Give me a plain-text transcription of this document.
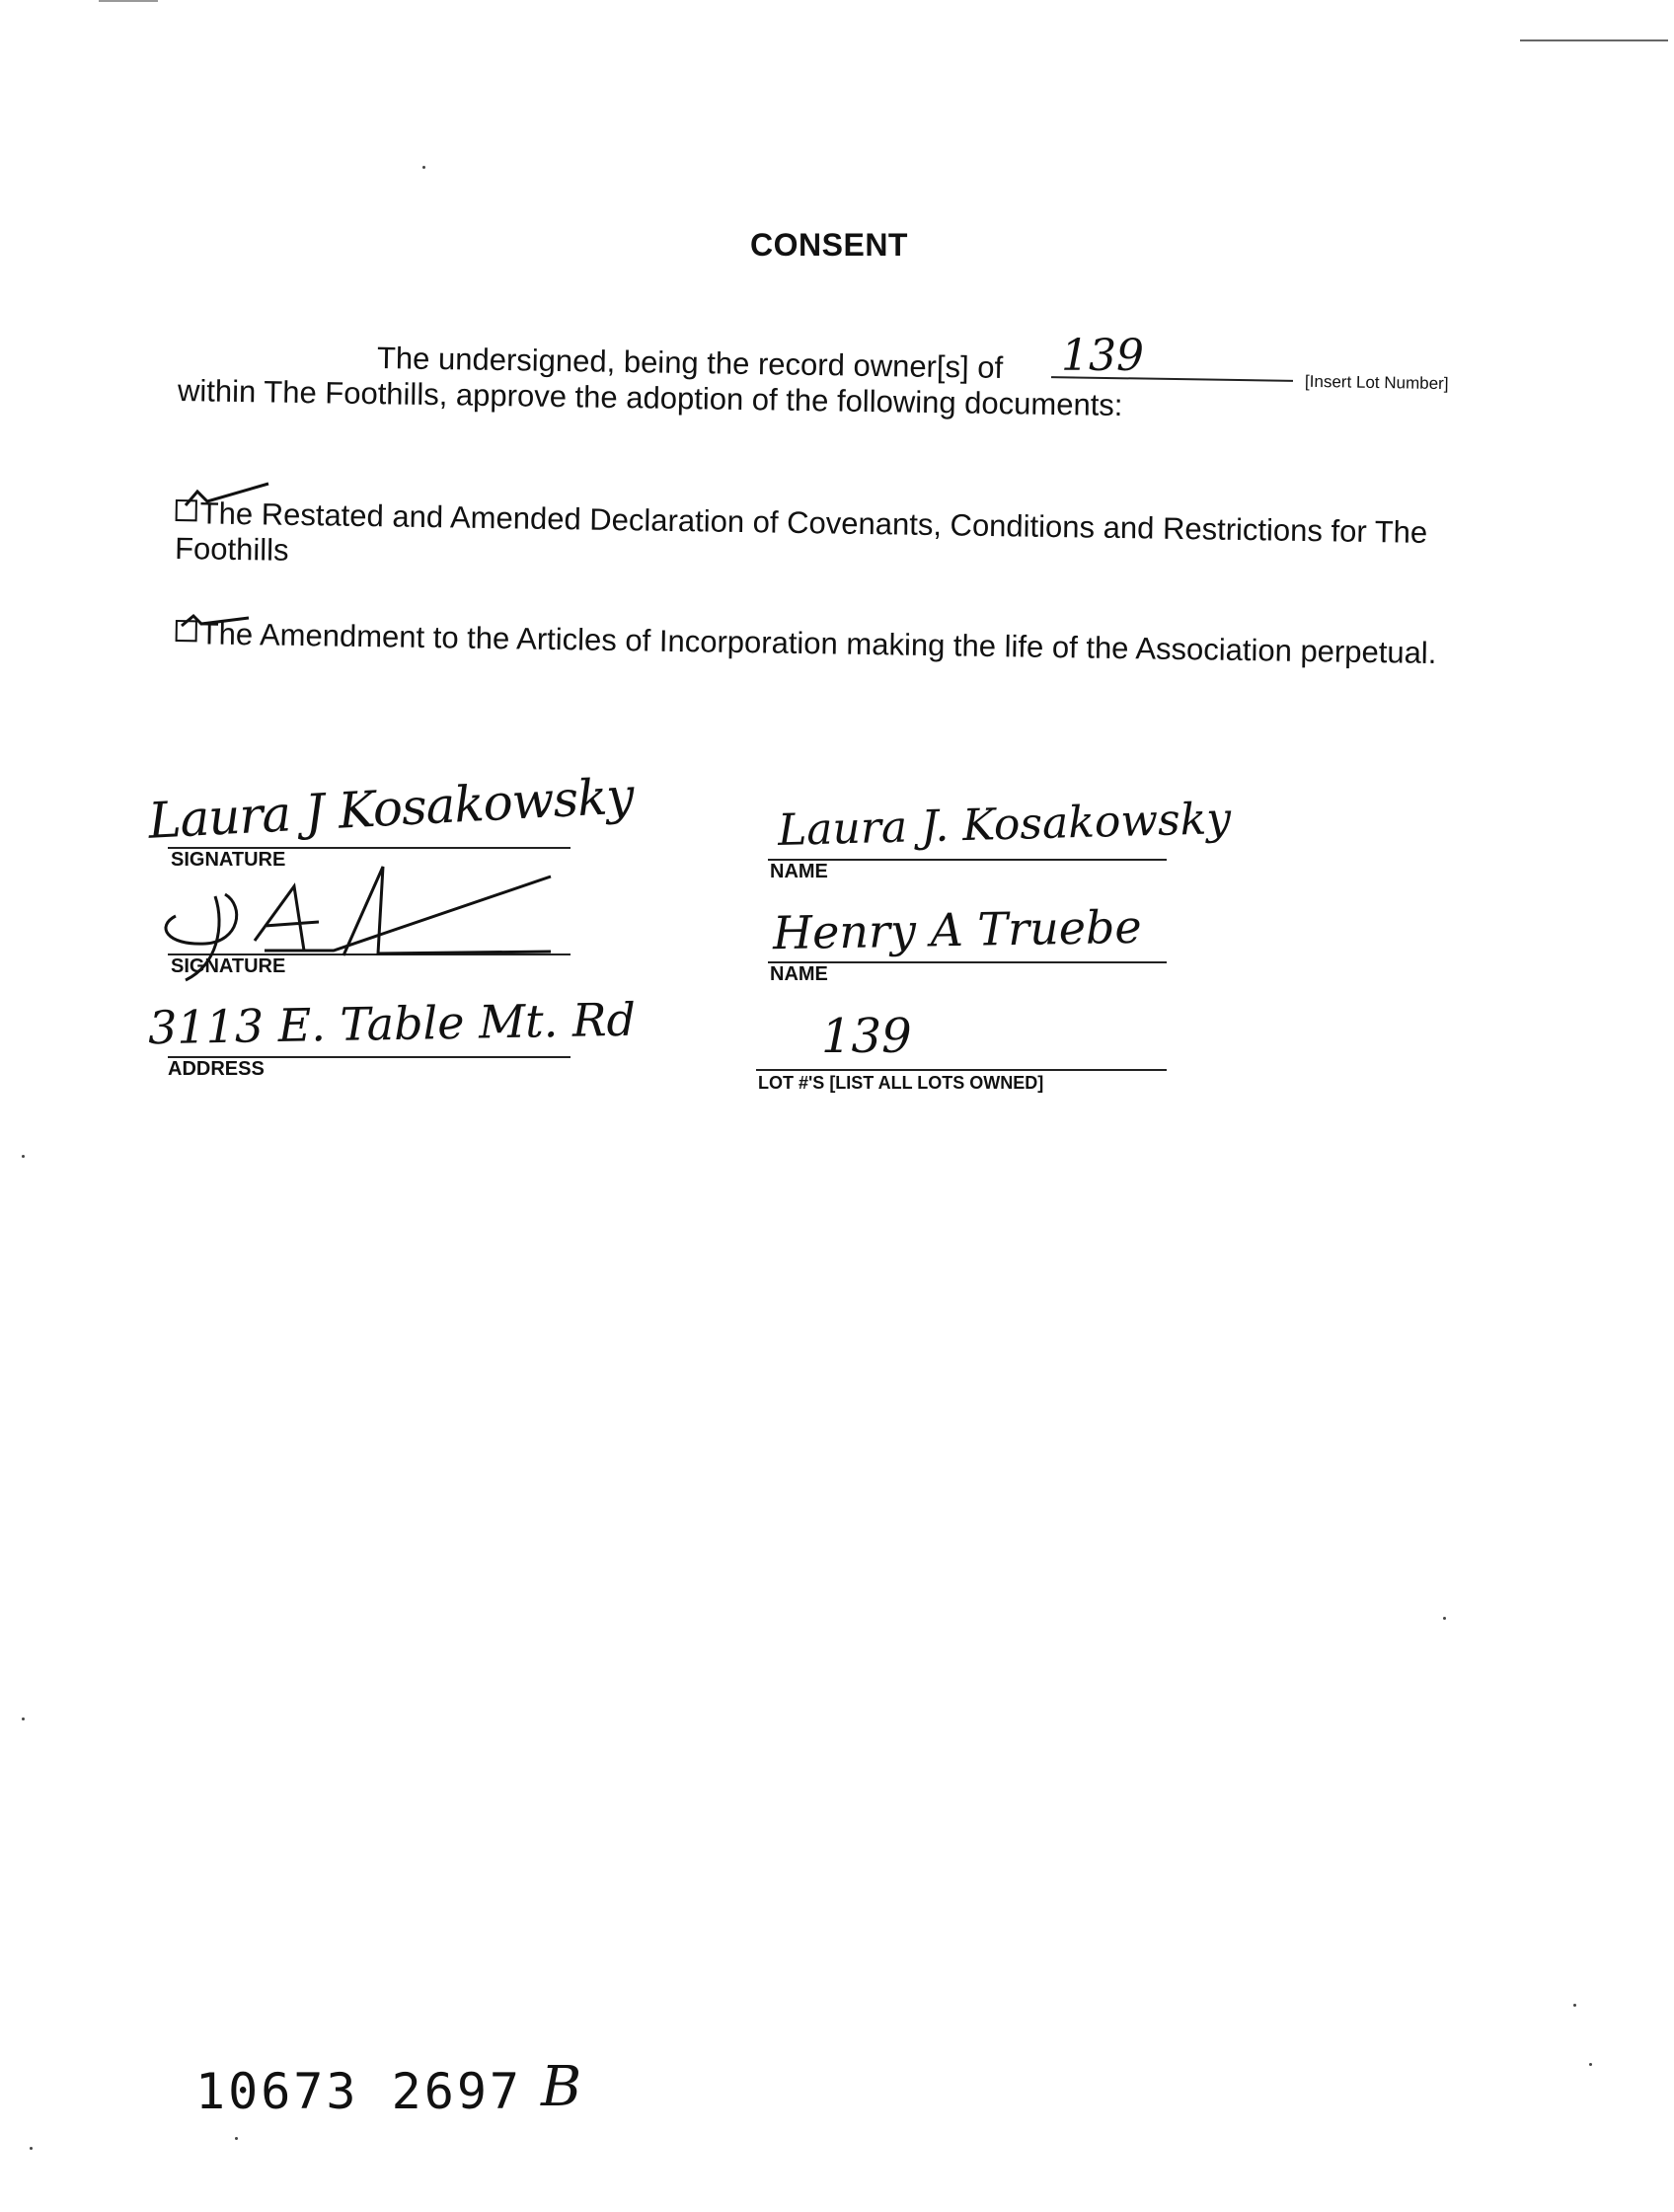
CONSENT
The undersigned, being the record owner[s] of 139
[Insert Lot Number]
within The Foothills, approve the adoption of the following documents:
The Restated and Amended Declaration of Covenants, Conditions and Restrictions for The Foothills
The Amendment to the Articles of Incorporation making the life of the Association perpetual.
SIGNATURE
Laura J Kosakowsky
SIGNATURE
ADDRESS
3113 E. Table Mt. Rd
NAME
Laura J. Kosakowsky
NAME
Henry A Truebe
LOT #'S [LIST ALL LOTS OWNED]
139
10673 2697 B
